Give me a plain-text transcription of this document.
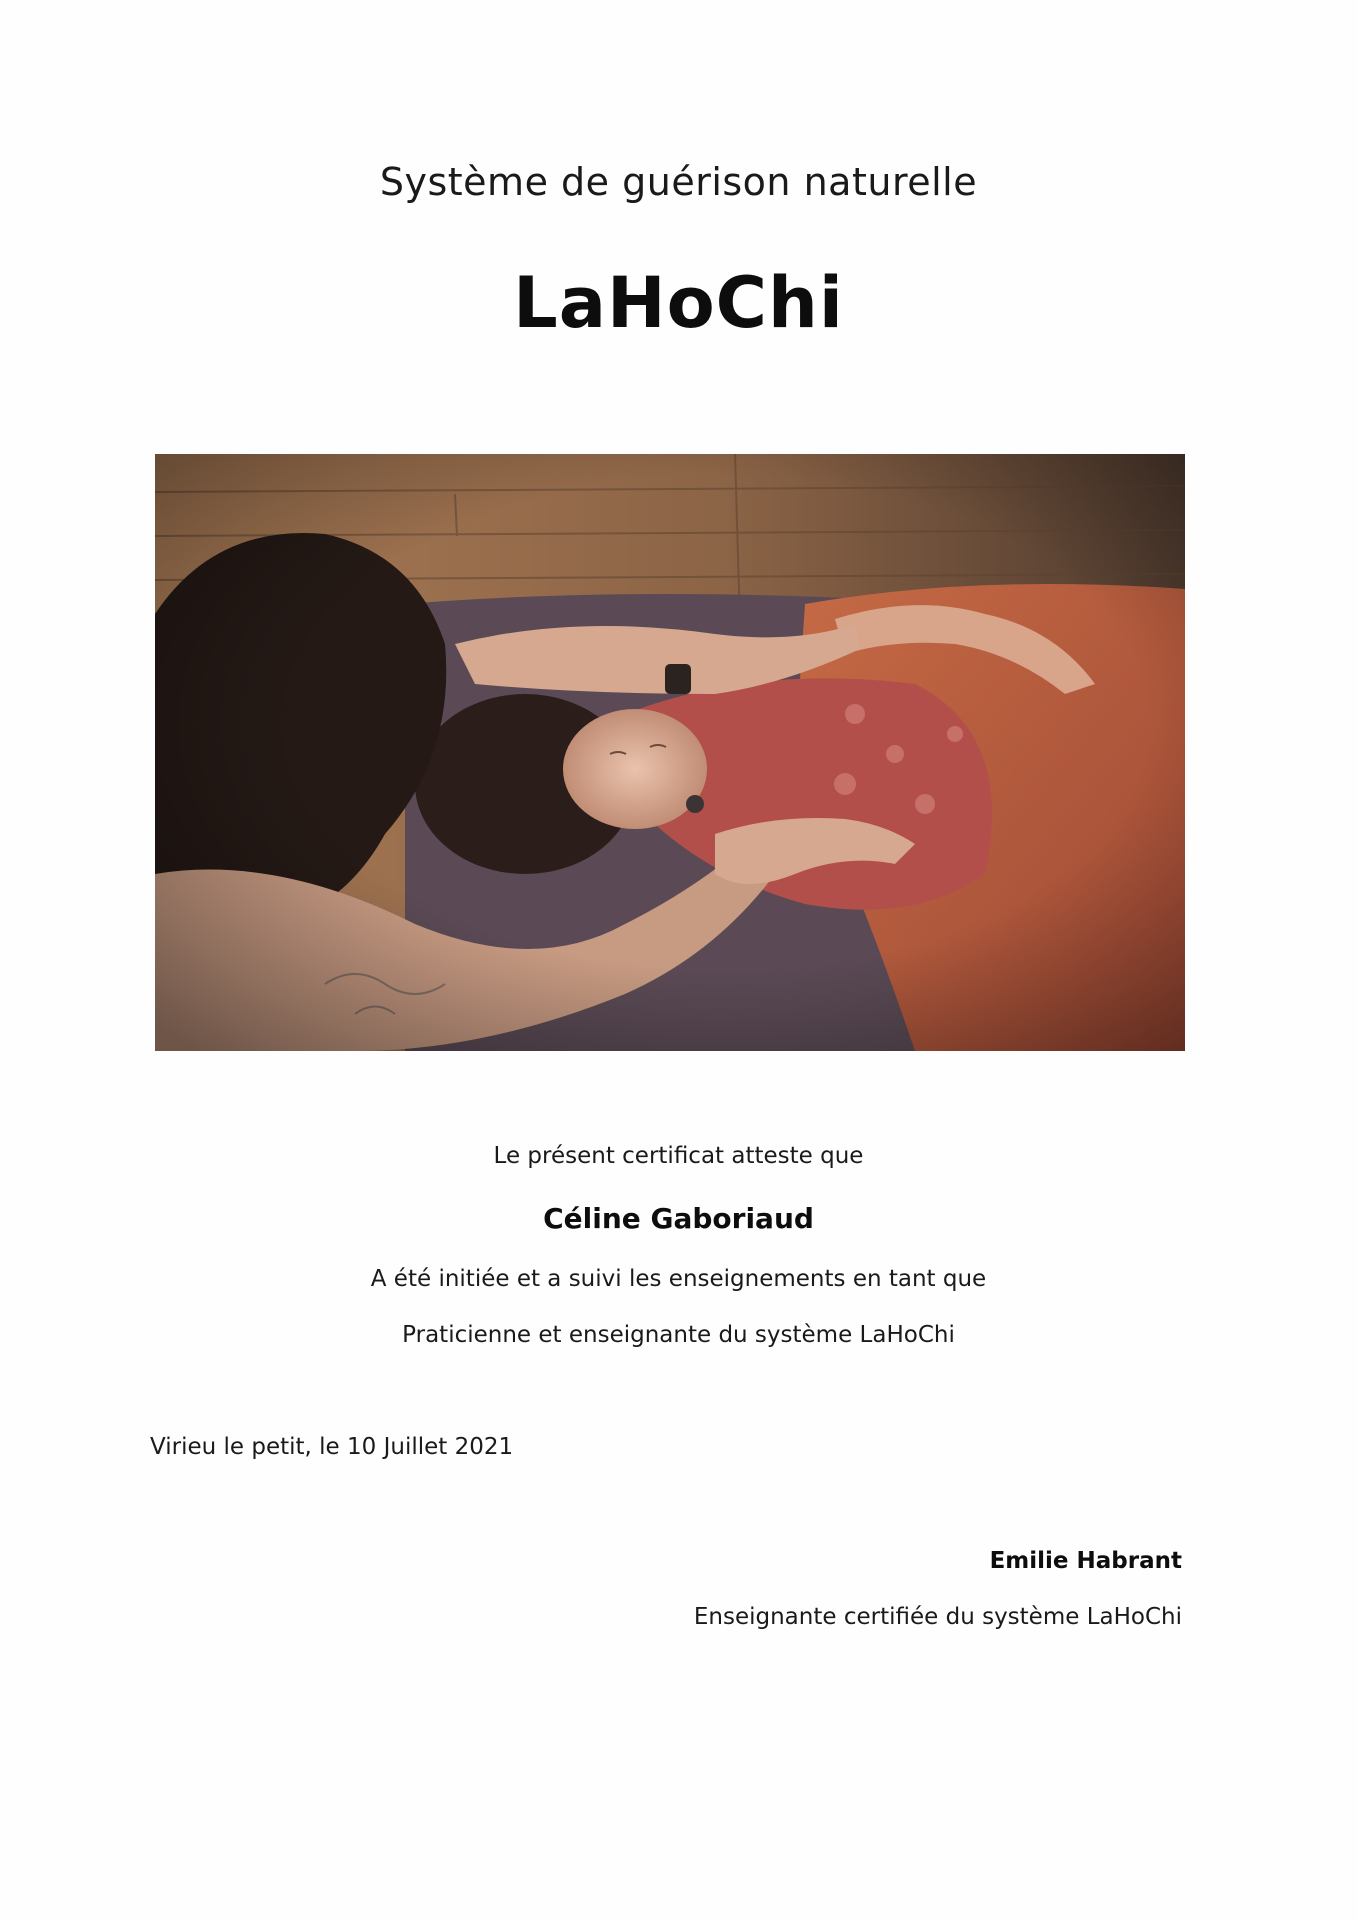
Système de guérison naturelle
LaHoChi
Le présent certificat atteste que
Céline Gaboriaud
A été initiée et a suivi les enseignements en tant que
Praticienne et enseignante du système LaHoChi
Virieu le petit, le 10 Juillet 2021
Emilie Habrant
Enseignante certifiée du système LaHoChi
